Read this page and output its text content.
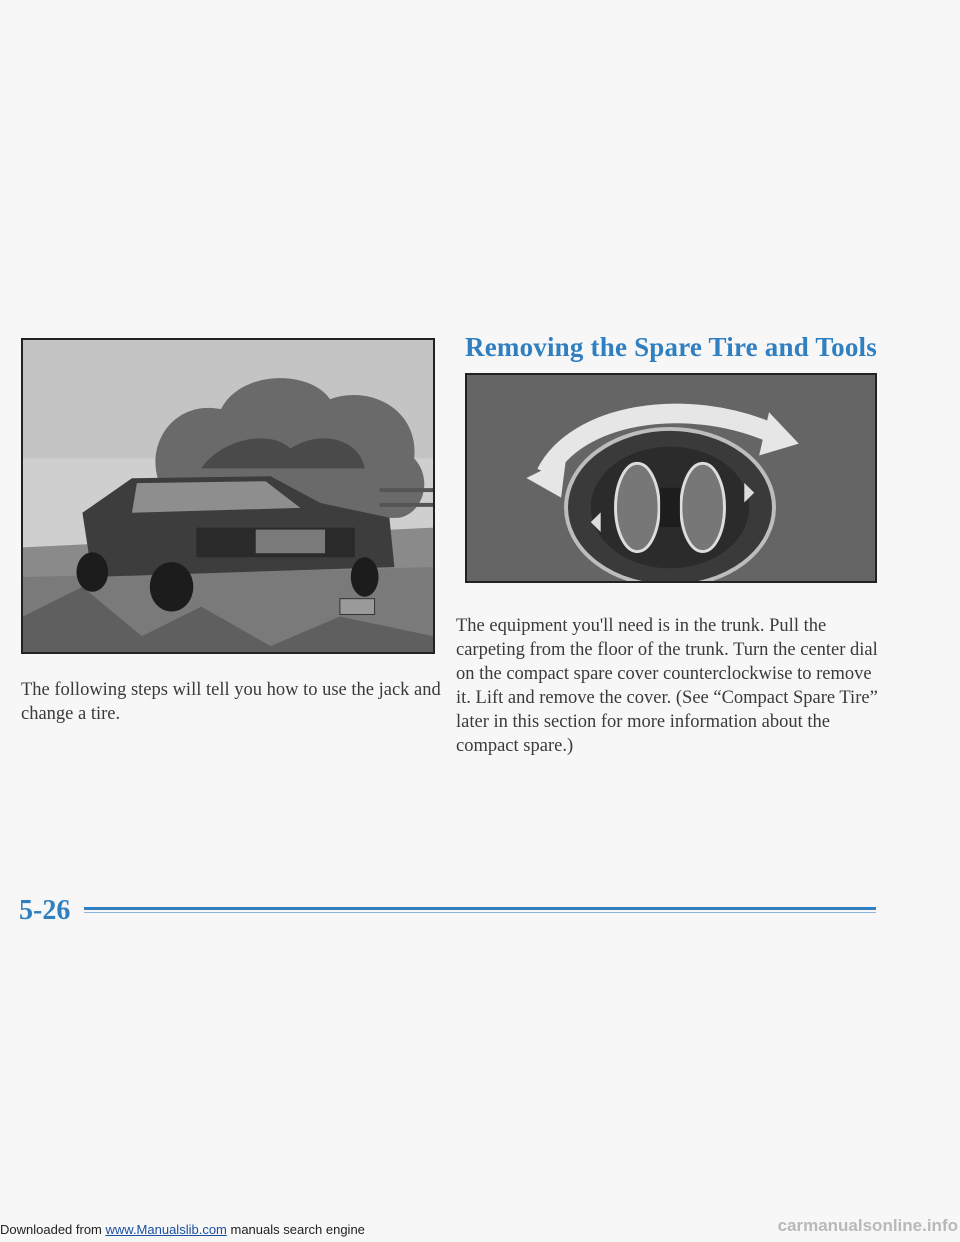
The following steps will tell you how to use the jack and change a tire.

Removing the Spare Tire and Tools

The equipment you'll need is in the trunk. Pull the carpeting from the floor of the trunk. Turn the center dial on the compact spare cover counterclockwise to remove it. Lift and remove the cover. (See “Compact Spare Tire” later in this section for more information about the compact spare.)

5-26
Downloaded from www.Manualslib.com manuals search engine	carmanualsonline.info
